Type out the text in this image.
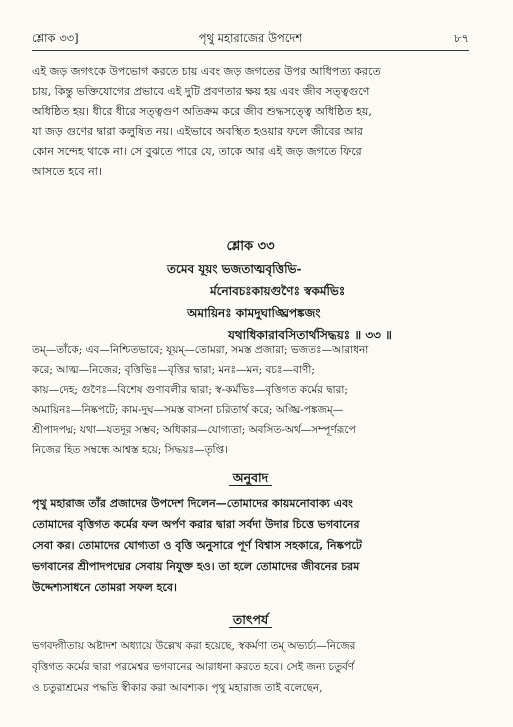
শ্লোক ৩৩]	পৃথু মহারাজের উপদেশ	৮৭
এই জড় জগৎকে উপভোগ করতে চায় এবং জড় জগতের উপর আধিপত্য করতে
চায়, কিন্তু ভক্তিযোগের প্রভাবে এই দুটি প্রবণতার ক্ষয় হয় এবং জীব সত্ত্বগুণে
অধিষ্ঠিত হয়। ধীরে ধীরে সত্ত্বগুণ অতিক্রম করে জীব শুদ্ধসত্ত্বে অধিষ্ঠিত হয়,
যা জড় গুণের দ্বারা কলুষিত নয়। এইভাবে অবস্থিত হওয়ার ফলে জীবের আর
কোন সন্দেহ থাকে না। সে বুঝতে পারে যে, তাকে আর এই জড় জগতে ফিরে
আসতে হবে না।
শ্লোক ৩৩
তমেব যূয়ং ভজতাত্মবৃত্তিভি-
র্মনোবচঃকায়গুণৈঃ স্বকর্মভিঃ
অমায়িনঃ কামদুঘাঙ্ঘ্রিপঙ্কজং
যথাধিকারাবসিতার্থসিদ্ধয়ঃ ॥ ৩৩ ॥
তম্—তাঁকে; এব—নিশ্চিতভাবে; যূয়ম্—তোমরা, সমস্ত প্রজারা; ভজতঃ—আরাধনা
করে; আত্ম—নিজের; বৃত্তিভিঃ—বৃত্তির দ্বারা; মনঃ—মন; বচঃ—বাণী;
কায়—দেহ; গুণৈঃ—বিশেষ গুণাবলীর দ্বারা; স্ব-কর্মভিঃ—বৃত্তিগত কর্মের দ্বারা;
অমায়িনঃ—নিষ্কপটে; কাম-দুঘ—সমস্ত বাসনা চরিতার্থ করে; অঙ্ঘ্রি-পঙ্কজম্—
শ্রীপাদপদ্ম; যথা—যতদূর সম্ভব; অধিকার—যোগ্যতা; অবসিত-অর্থ—সম্পূর্ণরূপে
নিজের হিত সম্বন্ধে আশ্বস্ত হয়ে; সিদ্ধয়ঃ—তৃপ্তি।
অনুবাদ
পৃথু মহারাজ তাঁর প্রজাদের উপদেশ দিলেন—তোমাদের কায়মনোবাক্য এবং
তোমাদের বৃত্তিগত কর্মের ফল অর্পণ করার দ্বারা সর্বদা উদার চিত্তে ভগবানের
সেবা কর। তোমাদের যোগ্যতা ও বৃত্তি অনুসারে পূর্ণ বিশ্বাস সহকারে, নিষ্কপটে
ভগবানের শ্রীপাদপদ্মের সেবায় নিযুক্ত হও। তা হলে তোমাদের জীবনের চরম
উদ্দেশ্যসাধনে তোমরা সফল হবে।
তাৎপর্য
ভগবদ্গীতায় অষ্টাদশ অধ্যায়ে উল্লেখ করা হয়েছে, স্বকর্মণা তম্ অভ্যর্চ্য—নিজের
বৃত্তিগত কর্মের দ্বারা পরমেশ্বর ভগবানের আরাধনা করতে হবে। সেই জন্য চতুর্বর্ণ
ও চতুরাশ্রমের পদ্ধতি স্বীকার করা আবশ্যক। পৃথু মহারাজ তাই বলেছেন,
